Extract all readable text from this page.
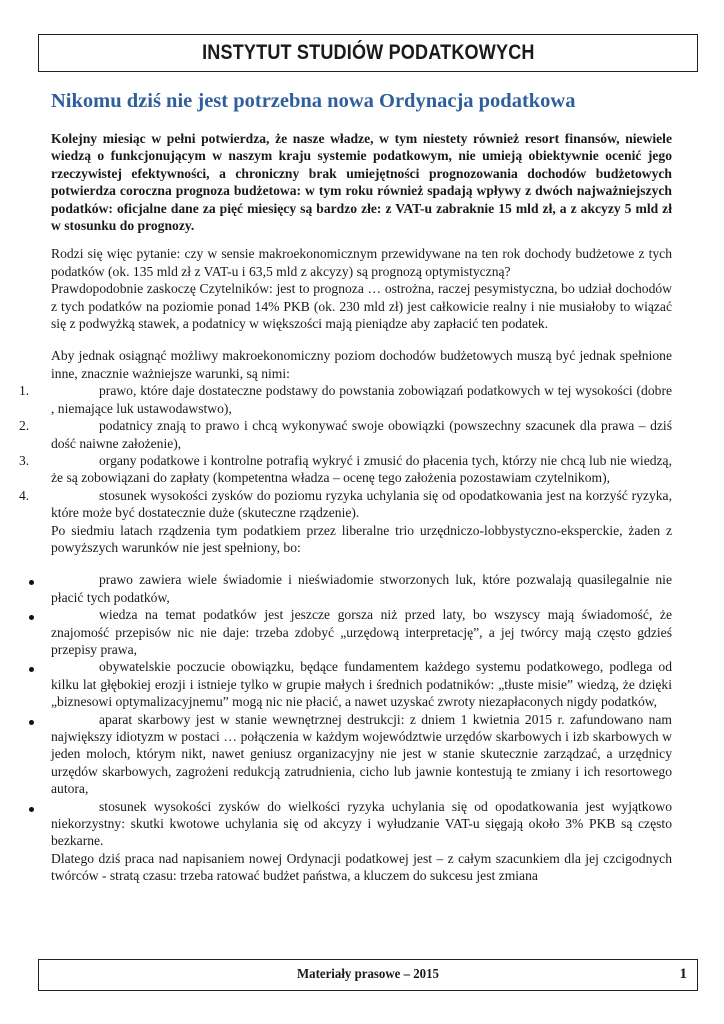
INSTYTUT STUDIÓW PODATKOWYCH
Nikomu dziś nie jest potrzebna nowa Ordynacja podatkowa

Kolejny miesiąc w pełni potwierdza, że nasze władze, w tym niestety również resort finansów, niewiele wiedzą o funkcjonującym w naszym kraju systemie podatkowym, nie umieją obiektywnie ocenić jego rzeczywistej efektywności, a chroniczny brak umiejętności prognozowania dochodów budżetowych potwierdza coroczna prognoza budżetowa: w tym roku również spadają wpływy z dwóch najważniejszych podatków: oficjalne dane za pięć miesięcy są bardzo złe: z VAT-u zabraknie 15 mld zł, a z akcyzy 5 mld zł w stosunku do prognozy.

Rodzi się więc pytanie: czy w sensie makroekonomicznym przewidywane na ten rok dochody budżetowe z tych podatków (ok. 135 mld zł z VAT-u i 63,5 mld z akcyzy) są prognozą optymistyczną?

Prawdopodobnie zaskoczę Czytelników: jest to prognoza … ostrożna, raczej pesymistyczna, bo udział dochodów z tych podatków na poziomie ponad 14% PKB (ok. 230 mld zł) jest całkowicie realny i nie musiałoby to wiązać się z podwyżką stawek, a podatnicy w większości mają pieniądze aby zapłacić ten podatek.

Aby jednak osiągnąć możliwy makroekonomiczny poziom dochodów budżetowych muszą być jednak spełnione inne, znacznie ważniejsze warunki, są nimi:

1.	prawo, które daje dostateczne podstawy do powstania zobowiązań podatkowych w tej wysokości (dobre , niemające luk ustawodawstwo),
2.	podatnicy znają to prawo i chcą wykonywać swoje obowiązki (powszechny szacunek dla prawa – dziś dość naiwne założenie),
3.	organy podatkowe i kontrolne potrafią wykryć i zmusić do płacenia tych, którzy nie chcą lub nie wiedzą, że są zobowiązani do zapłaty (kompetentna władza – ocenę tego założenia pozostawiam czytelnikom),
4.	stosunek wysokości zysków do poziomu ryzyka uchylania się od opodatkowania jest na korzyść ryzyka, które może być dostatecznie duże (skuteczne rządzenie).

Po siedmiu latach rządzenia tym podatkiem przez liberalne trio urzędniczo-lobbystyczno-eksperckie, żaden z powyższych warunków nie jest spełniony, bo:

prawo zawiera wiele świadomie i nieświadomie stworzonych luk, które pozwalają quasilegalnie nie płacić tych podatków,
wiedza na temat podatków jest jeszcze gorsza niż przed laty, bo wszyscy mają świadomość, że znajomość przepisów nic nie daje: trzeba zdobyć „urzędową interpretację”, a jej twórcy mają często gdzieś przepisy prawa,
obywatelskie poczucie obowiązku, będące fundamentem każdego systemu podatkowego, podlega od kilku lat głębokiej erozji i istnieje tylko w grupie małych i średnich podatników: „tłuste misie” wiedzą, że dzięki „biznesowi optymalizacyjnemu” mogą nic nie płacić, a nawet uzyskać zwroty niezapłaconych nigdy podatków,
aparat skarbowy jest w stanie wewnętrznej destrukcji: z dniem 1 kwietnia 2015 r. zafundowano nam największy idiotyzm w postaci … połączenia w każdym województwie urzędów skarbowych i izb skarbowych w jeden moloch, którym nikt, nawet geniusz organizacyjny nie jest w stanie skutecznie zarządzać, a urzędnicy urzędów skarbowych, zagrożeni redukcją zatrudnienia, cicho lub jawnie kontestują te zmiany i ich resortowego autora,
stosunek wysokości zysków do wielkości ryzyka uchylania się od opodatkowania jest wyjątkowo niekorzystny: skutki kwotowe uchylania się od akcyzy i wyłudzanie VAT-u sięgają około 3% PKB są często bezkarne.

Dlatego dziś praca nad napisaniem nowej Ordynacji podatkowej jest – z całym szacunkiem dla jej czcigodnych twórców - stratą czasu: trzeba ratować budżet państwa, a kluczem do sukcesu jest zmiana

Materiały prasowe – 2015	1
